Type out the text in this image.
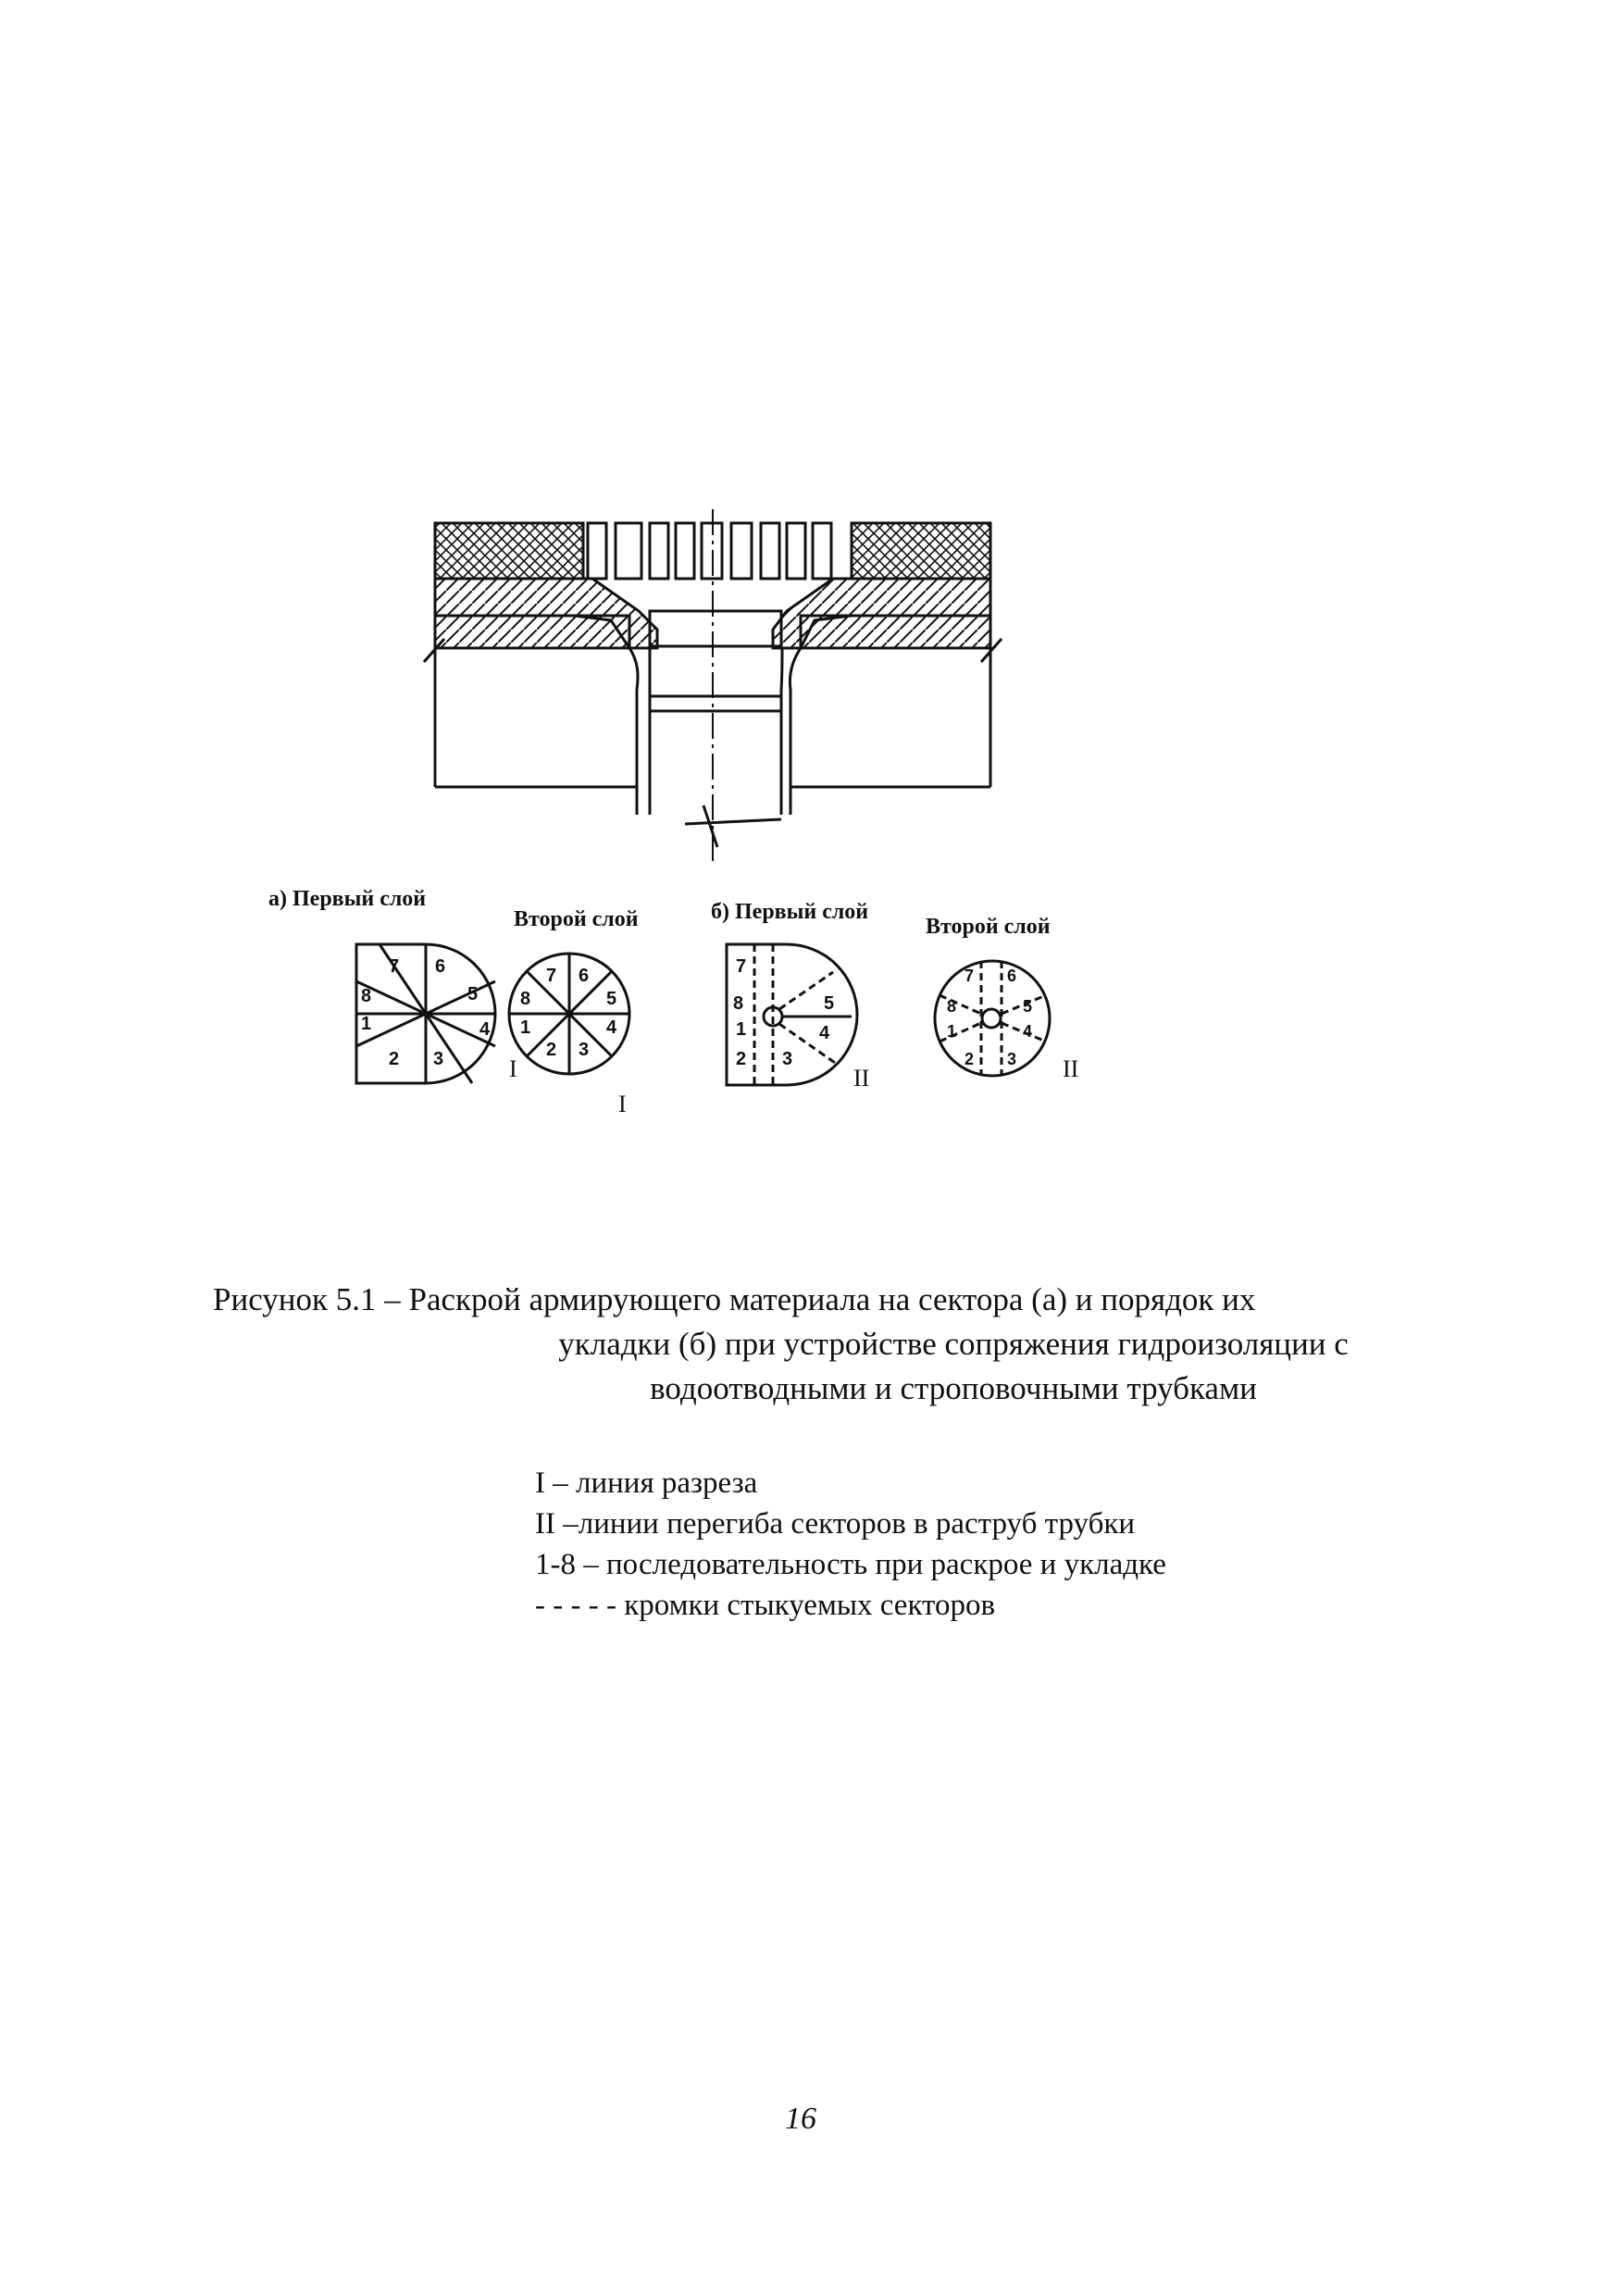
а) Первый слой
Второй слой	б) Первый слой
Второй слой
7 6
8	5
1	4
2 3
7 6
8	5
1	4
2 3
7
8
1
2 3
4
5
7 6
8	5
1	4
2 3
I
I
II	II
Рисунок 5.1 – Раскрой армирующего материала на сектора (а) и порядок их
укладки (б) при устройстве сопряжения гидроизоляции с
водоотводными и строповочными трубками
I – линия разреза
II –линии перегиба секторов в раструб трубки
1-8 – последовательность при раскрое и укладке
- - - - - кромки стыкуемых секторов
16
